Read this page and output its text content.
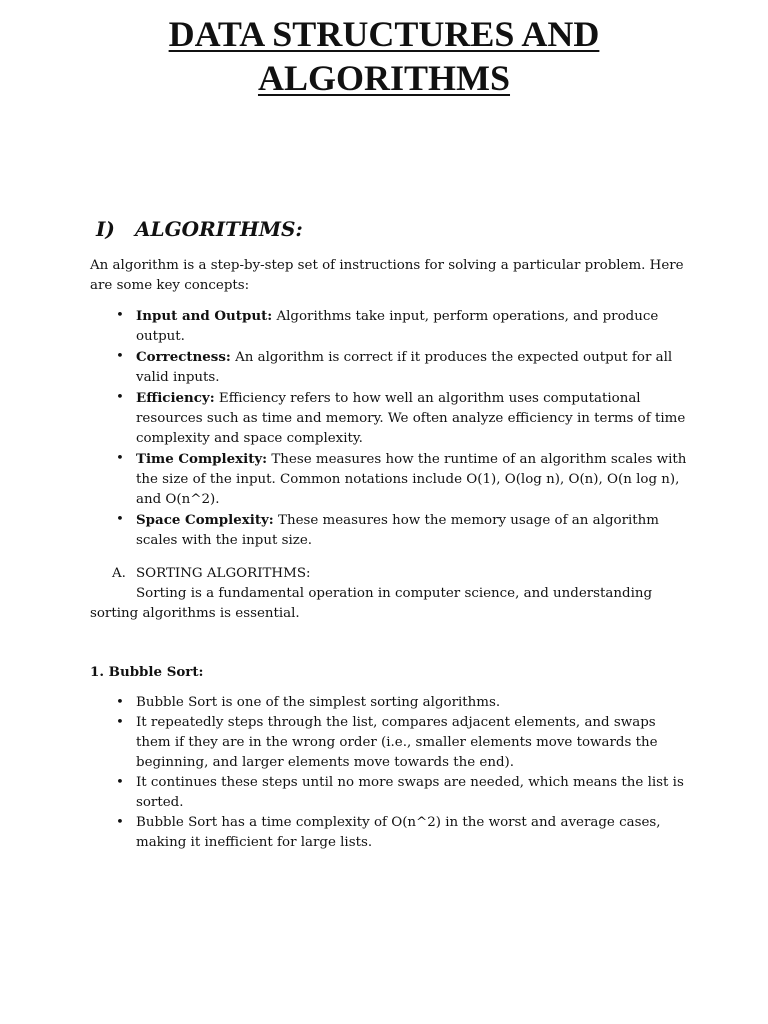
DATA STRUCTURES AND
ALGORITHMS
I) ALGORITHMS:

An algorithm is a step-by-step set of instructions for solving a particular problem. Here are some key concepts:

• Input and Output: Algorithms take input, perform operations, and produce output.
• Correctness: An algorithm is correct if it produces the expected output for all valid inputs.
• Efficiency: Efficiency refers to how well an algorithm uses computational resources such as time and memory. We often analyze efficiency in terms of time complexity and space complexity.
• Time Complexity: These measures how the runtime of an algorithm scales with the size of the input. Common notations include O(1), O(log n), O(n), O(n log n), and O(n^2).
• Space Complexity: These measures how the memory usage of an algorithm scales with the input size.

A. SORTING ALGORITHMS:

Sorting is a fundamental operation in computer science, and understanding sorting algorithms is essential.

1. Bubble Sort:

• Bubble Sort is one of the simplest sorting algorithms.
• It repeatedly steps through the list, compares adjacent elements, and swaps them if they are in the wrong order (i.e., smaller elements move towards the beginning, and larger elements move towards the end).
• It continues these steps until no more swaps are needed, which means the list is sorted.
• Bubble Sort has a time complexity of O(n^2) in the worst and average cases, making it inefficient for large lists.
